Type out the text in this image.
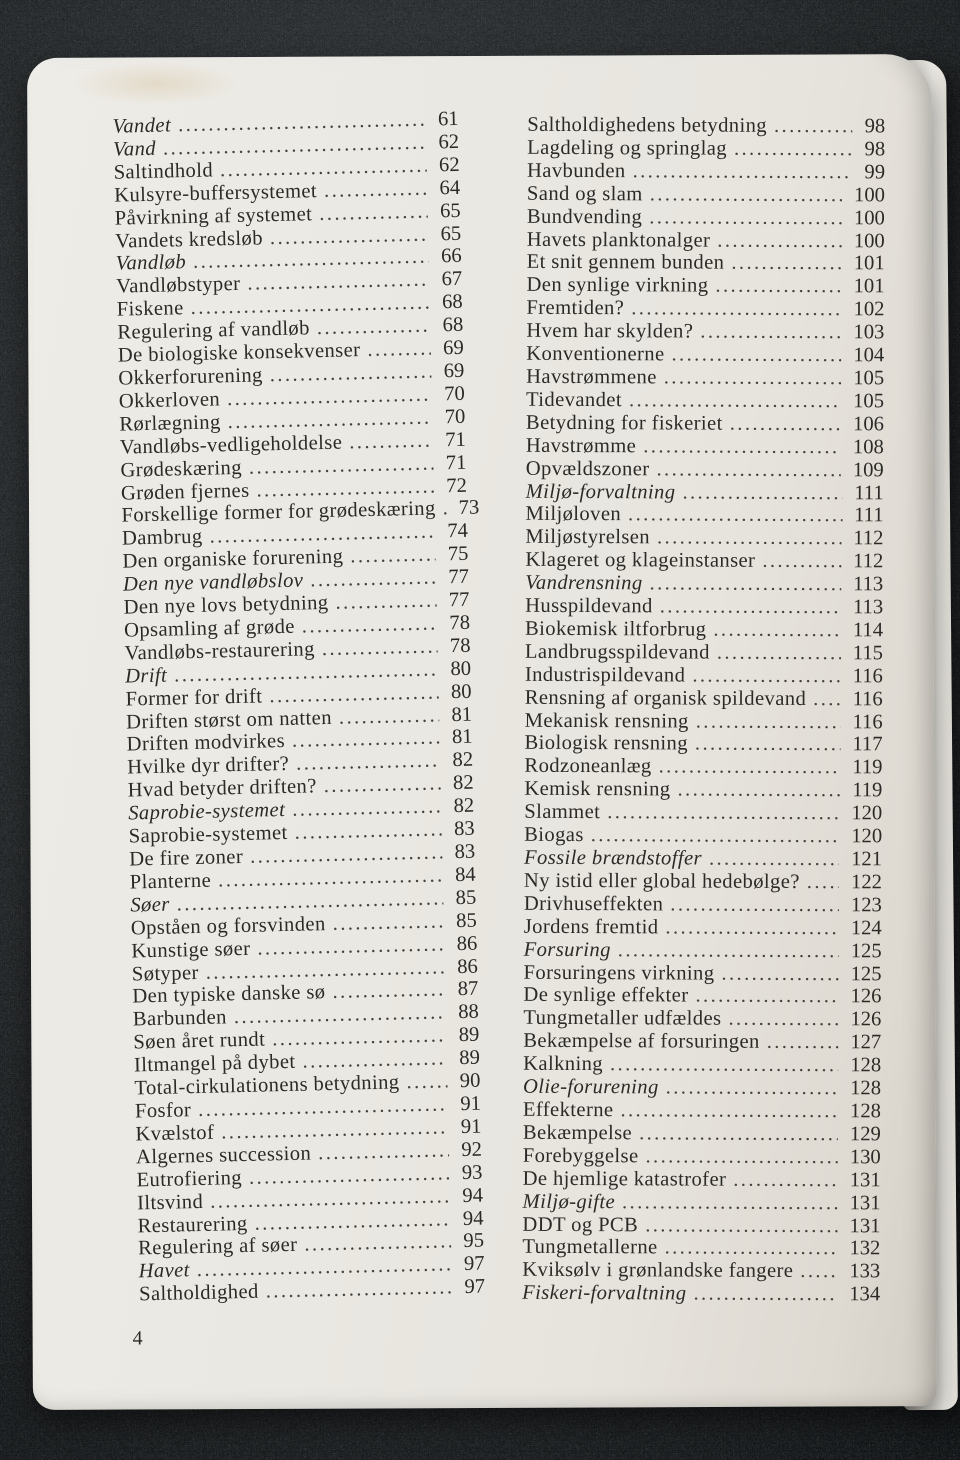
Vandet .....	61
Vand .....	62
Saltindhold .....	62
Kulsyre-buffersystemet .....	64
Påvirkning af systemet .....	65
Vandets kredsløb .....	65
Vandløb .....	66
Vandløbstyper .....	67
Fiskene .....	68
Regulering af vandløb .....	68
De biologiske konsekvenser .....	69
Okkerforurening .....	69
Okkerloven .....	70
Rørlægning .....	70
Vandløbs-vedligeholdelse .....	71
Grødeskæring .....	71
Grøden fjernes .....	72
Forskellige former for grødeskæring .....	73
Dambrug .....	74
Den organiske forurening .....	75
Den nye vandløbslov .....	77
Den nye lovs betydning .....	77
Opsamling af grøde .....	78
Vandløbs-restaurering .....	78
Drift .....	80
Former for drift .....	80
Driften størst om natten .....	81
Driften modvirkes .....	81
Hvilke dyr drifter? .....	82
Hvad betyder driften? .....	82
Saprobie-systemet .....	82
Saprobie-systemet .....	83
De fire zoner .....	83
Planterne .....	84
Søer .....	85
Opståen og forsvinden .....	85
Kunstige søer .....	86
Søtyper .....	86
Den typiske danske sø .....	87
Barbunden .....	88
Søen året rundt .....	89
Iltmangel på dybet .....	89
Total-cirkulationens betydning .....	90
Fosfor .....	91
Kvælstof .....	91
Algernes succession .....	92
Eutrofiering .....	93
Iltsvind .....	94
Restaurering .....	94
Regulering af søer .....	95
Havet .....	97
Saltholdighed .....	97
Saltholdighedens betydning .....	98
Lagdeling og springlag .....	98
Havbunden .....	99
Sand og slam .....	100
Bundvending .....	100
Havets planktonalger .....	100
Et snit gennem bunden .....	101
Den synlige virkning .....	101
Fremtiden? .....	102
Hvem har skylden? .....	103
Konventionerne .....	104
Havstrømmene .....	105
Tidevandet .....	105
Betydning for fiskeriet .....	106
Havstrømme .....	108
Opvældszoner .....	109
Miljø-forvaltning .....	111
Miljøloven .....	111
Miljøstyrelsen .....	112
Klageret og klageinstanser .....	112
Vandrensning .....	113
Husspildevand .....	113
Biokemisk iltforbrug .....	114
Landbrugsspildevand .....	115
Industrispildevand .....	116
Rensning af organisk spildevand .....	116
Mekanisk rensning .....	116
Biologisk rensning .....	117
Rodzoneanlæg .....	119
Kemisk rensning .....	119
Slammet .....	120
Biogas .....	120
Fossile brændstoffer .....	121
Ny istid eller global hedebølge? .....	122
Drivhuseffekten .....	123
Jordens fremtid .....	124
Forsuring .....	125
Forsuringens virkning .....	125
De synlige effekter .....	126
Tungmetaller udfældes .....	126
Bekæmpelse af forsuringen .....	127
Kalkning .....	128
Olie-forurening .....	128
Effekterne .....	128
Bekæmpelse .....	129
Forebyggelse .....	130
De hjemlige katastrofer .....	131
Miljø-gifte .....	131
DDT og PCB .....	131
Tungmetallerne .....	132
Kviksølv i grønlandske fangere .....	133
Fiskeri-forvaltning .....	134
4
